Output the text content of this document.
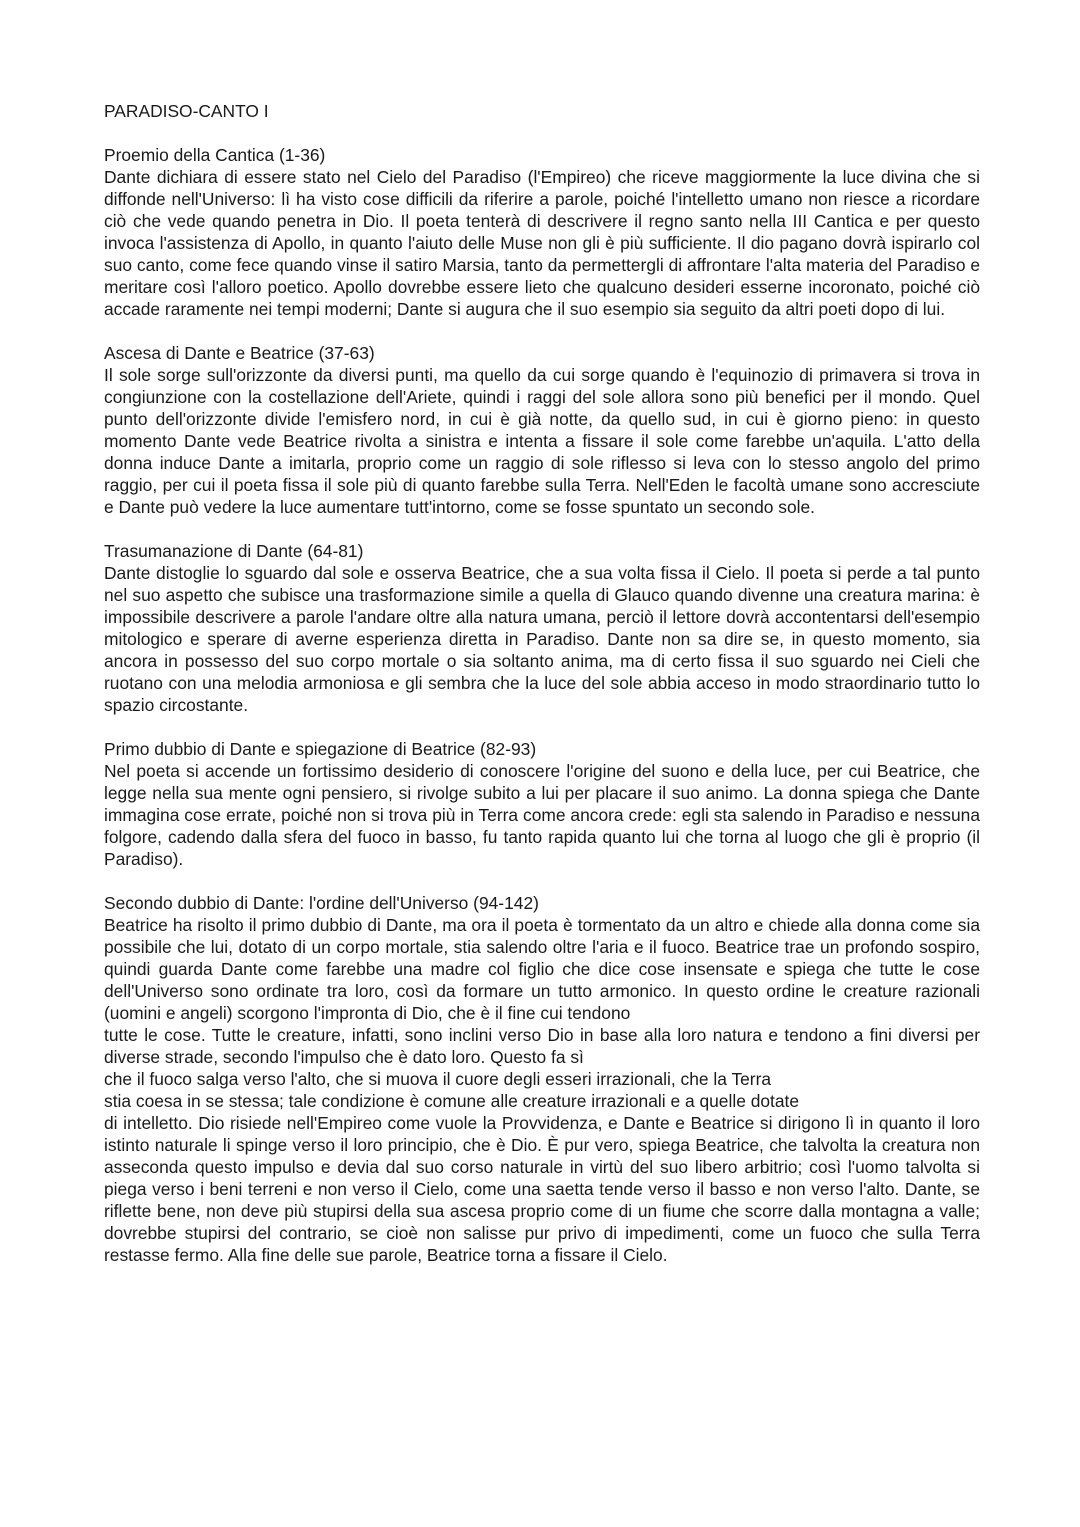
PARADISO-CANTO I
Proemio della Cantica (1-36)

Dante dichiara di essere stato nel Cielo del Paradiso (l'Empireo) che riceve maggiormente la luce divina che si diffonde nell'Universo: lì ha visto cose difficili da riferire a parole, poiché l'intelletto umano non riesce a ricordare ciò che vede quando penetra in Dio. Il poeta tenterà di descrivere il regno santo nella III Cantica e per questo invoca l'assistenza di Apollo, in quanto l'aiuto delle Muse non gli è più sufficiente. Il dio pagano dovrà ispirarlo col suo canto, come fece quando vinse il satiro Marsia, tanto da permettergli di affrontare l'alta materia del Paradiso e meritare così l'alloro poetico. Apollo dovrebbe essere lieto che qualcuno desideri esserne incoronato, poiché ciò accade raramente nei tempi moderni; Dante si augura che il suo esempio sia seguito da altri poeti dopo di lui.

Ascesa di Dante e Beatrice (37-63)

Il sole sorge sull'orizzonte da diversi punti, ma quello da cui sorge quando è l'equinozio di primavera si trova in congiunzione con la costellazione dell'Ariete, quindi i raggi del sole allora sono più benefici per il mondo. Quel punto dell'orizzonte divide l'emisfero nord, in cui è già notte, da quello sud, in cui è giorno pieno: in questo momento Dante vede Beatrice rivolta a sinistra e intenta a fissare il sole come farebbe un'aquila. L'atto della donna induce Dante a imitarla, proprio come un raggio di sole riflesso si leva con lo stesso angolo del primo raggio, per cui il poeta fissa il sole più di quanto farebbe sulla Terra. Nell'Eden le facoltà umane sono accresciute e Dante può vedere la luce aumentare tutt'intorno, come se fosse spuntato un secondo sole.

Trasumanazione di Dante (64-81)

Dante distoglie lo sguardo dal sole e osserva Beatrice, che a sua volta fissa il Cielo. Il poeta si perde a tal punto nel suo aspetto che subisce una trasformazione simile a quella di Glauco quando divenne una creatura marina: è impossibile descrivere a parole l'andare oltre alla natura umana, perciò il lettore dovrà accontentarsi dell'esempio mitologico e sperare di averne esperienza diretta in Paradiso. Dante non sa dire se, in questo momento, sia ancora in possesso del suo corpo mortale o sia soltanto anima, ma di certo fissa il suo sguardo nei Cieli che ruotano con una melodia armoniosa e gli sembra che la luce del sole abbia acceso in modo straordinario tutto lo spazio circostante.

Primo dubbio di Dante e spiegazione di Beatrice (82-93)

Nel poeta si accende un fortissimo desiderio di conoscere l'origine del suono e della luce, per cui Beatrice, che legge nella sua mente ogni pensiero, si rivolge subito a lui per placare il suo animo. La donna spiega che Dante immagina cose errate, poiché non si trova più in Terra come ancora crede: egli sta salendo in Paradiso e nessuna folgore, cadendo dalla sfera del fuoco in basso, fu tanto rapida quanto lui che torna al luogo che gli è proprio (il Paradiso).

Secondo dubbio di Dante: l'ordine dell'Universo (94-142)

Beatrice ha risolto il primo dubbio di Dante, ma ora il poeta è tormentato da un altro e chiede alla donna come sia possibile che lui, dotato di un corpo mortale, stia salendo oltre l'aria e il fuoco. Beatrice trae un profondo sospiro, quindi guarda Dante come farebbe una madre col figlio che dice cose insensate e spiega che tutte le cose dell'Universo sono ordinate tra loro, così da formare un tutto armonico. In questo ordine le creature razionali (uomini e angeli) scorgono l'impronta di Dio, che è il fine cui tendono

tutte le cose. Tutte le creature, infatti, sono inclini verso Dio in base alla loro natura e tendono a fini diversi per diverse strade, secondo l'impulso che è dato loro. Questo fa sì

che il fuoco salga verso l'alto, che si muova il cuore degli esseri irrazionali, che la Terra
stia coesa in se stessa; tale condizione è comune alle creature irrazionali e a quelle dotate

di intelletto. Dio risiede nell'Empireo come vuole la Provvidenza, e Dante e Beatrice si dirigono lì in quanto il loro istinto naturale li spinge verso il loro principio, che è Dio. È pur vero, spiega Beatrice, che talvolta la creatura non asseconda questo impulso e devia dal suo corso naturale in virtù del suo libero arbitrio; così l'uomo talvolta si piega verso i beni terreni e non verso il Cielo, come una saetta tende verso il basso e non verso l'alto. Dante, se riflette bene, non deve più stupirsi della sua ascesa proprio come di un fiume che scorre dalla montagna a valle; dovrebbe stupirsi del contrario, se cioè non salisse pur privo di impedimenti, come un fuoco che sulla Terra restasse fermo. Alla fine delle sue parole, Beatrice torna a fissare il Cielo.
